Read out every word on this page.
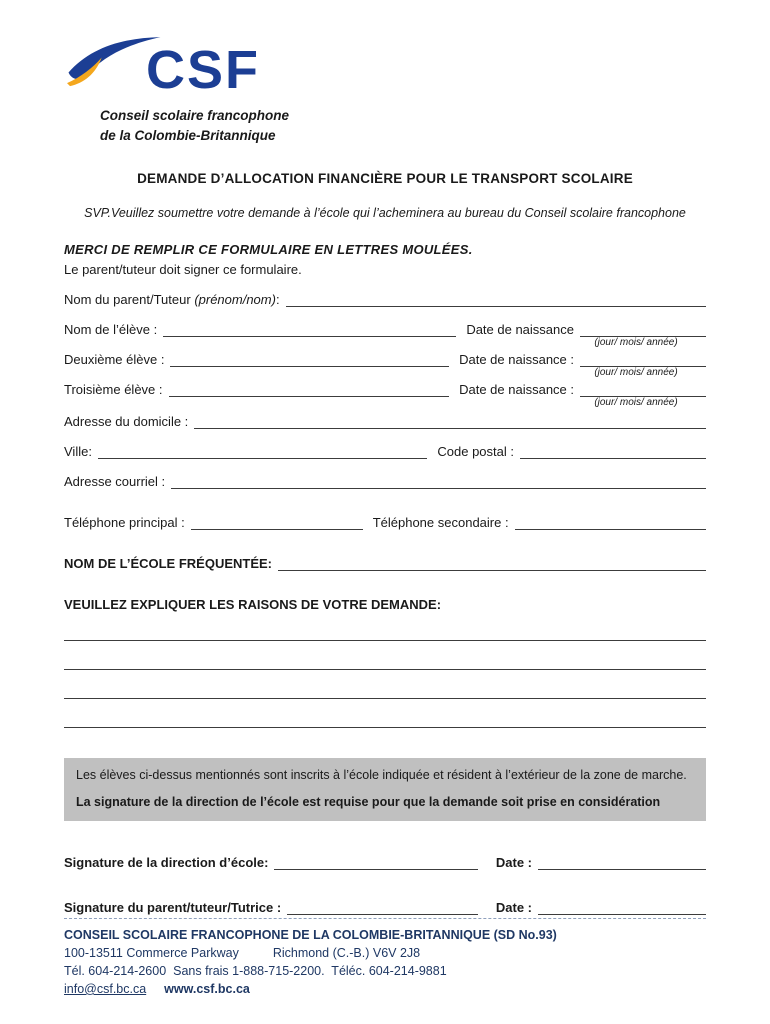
CSF
Conseil scolaire francophone
de la Colombie-Britannique
DEMANDE D’ALLOCATION FINANCIÈRE POUR LE TRANSPORT SCOLAIRE
SVP.Veuillez soumettre votre demande à l’école qui l’acheminera au bureau du Conseil scolaire francophone
MERCI DE REMPLIR CE FORMULAIRE EN LETTRES MOULÉES.
Le parent/tuteur doit signer ce formulaire.
Nom du parent/Tuteur (prénom/nom):
Nom de l’élève :	Date de naissance
(jour/ mois/ année)
Deuxième élève :	Date de naissance :
(jour/ mois/ année)
Troisième élève :	Date de naissance :
(jour/ mois/ année)
Adresse du domicile :
Ville:	Code postal :
Adresse courriel :
Téléphone principal :	Téléphone secondaire :
NOM DE L’ÉCOLE FRÉQUENTÉE:
VEUILLEZ EXPLIQUER LES RAISONS DE VOTRE DEMANDE:
Les élèves ci-dessus mentionnés sont inscrits à l’école indiquée et résident à l’extérieur de la zone de marche.
La signature de la direction de l’école est requise pour que la demande soit prise en considération
Signature de la direction d’école:	Date :
Signature du parent/tuteur/Tutrice :	Date :
CONSEIL SCOLAIRE FRANCOPHONE DE LA COLOMBIE-BRITANNIQUE (SD No.93)
100-13511 Commerce Parkway	Richmond (C.-B.) V6V 2J8
Tél. 604-214-2600  Sans frais 1-888-715-2200.  Téléc. 604-214-9881
info@csf.bc.ca www.csf.bc.ca
